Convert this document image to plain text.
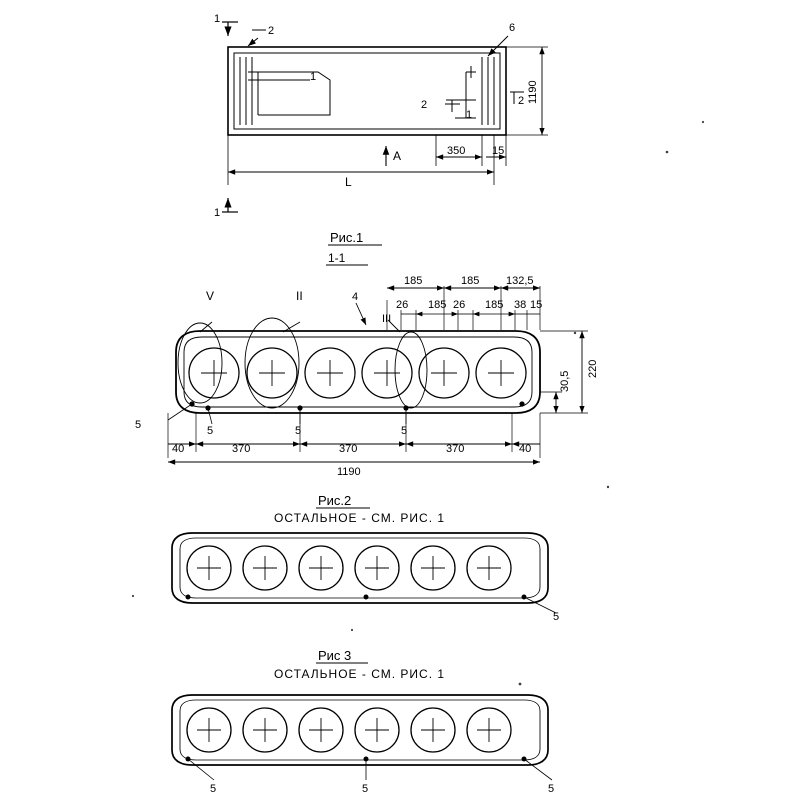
1
1
2
1
1
6
2	2 1190
350 15
L
A
Рис.1
1-1
V	II
III
4
5	5	5	5
185	185 132,5
26 185 26 185 38 15
220
30,5
40	370	370	370	40
1190
Рис.2
ОСТАЛЬНОЕ - СМ. РИС. 1
5
Рис 3
ОСТАЛЬНОЕ - СМ. РИС. 1
5	5	5
